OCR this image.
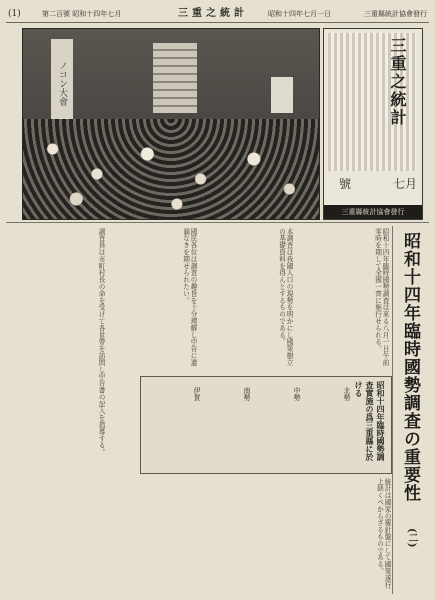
(1)	第二百號 昭和十四年七月	三重之統計	昭和十四年七月一日	三重縣統計協會發行
ノコン大會	三重之統計
七月
號
三重縣統計協會發行
昭和十四年臨時國勢調査の重要性
(二)
昭和十四年臨時國勢調査は來る八月一日午前零時を期して全國一齊に施行せられる。
本調査は我國人口の現勢を明かにし國策樹立の基礎資料を得んとするものである。
國民各位は調査の趣旨を十分理解し申告に遺漏なきを期せられたい。
調査員は市町村長の命を受けて各世帶を訪問し申告書の記入を指導する。
統計は國家の羅針盤にして國策遂行上缺くべからざるものである。
昭和十四年臨時國勢調査實施の爲三重縣に於ける
北勢
中勢
南勢
伊賀
